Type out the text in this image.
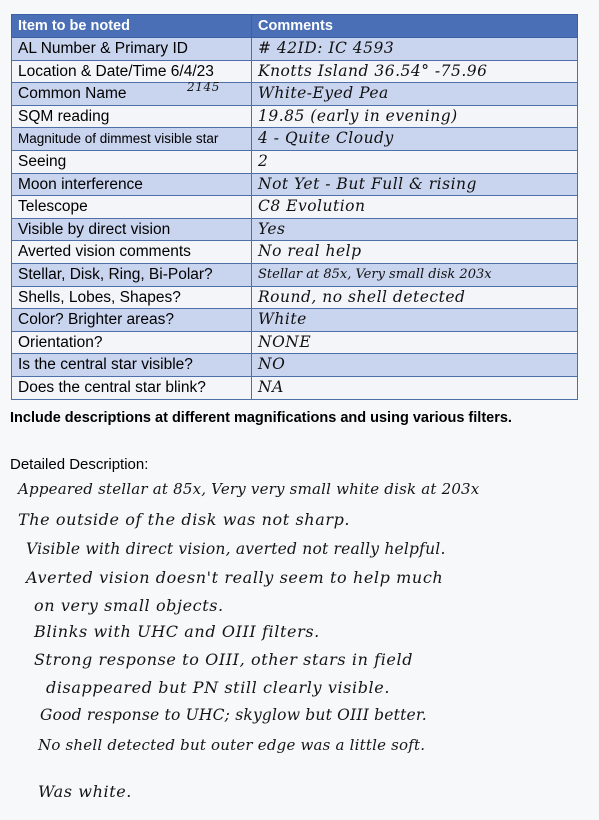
Item to be noted	Comments
AL Number & Primary ID	# 42ID: IC 4593
Location & Date/Time 6/4/23	Knotts Island 36.54° -75.96
Common Name	White-Eyed Pea
SQM reading	19.85 (early in evening)
Magnitude of dimmest visible star	4 - Quite Cloudy
Seeing	2
Moon interference	Not Yet - But Full & rising
Telescope	C8 Evolution
Visible by direct vision	Yes
Averted vision comments	No real help
Stellar, Disk, Ring, Bi-Polar?	Stellar at 85x, Very small disk 203x
Shells, Lobes, Shapes?	Round, no shell detected
Color? Brighter areas?	White
Orientation?	NONE
Is the central star visible?	NO
Does the central star blink?	NA
2145
Include descriptions at different magnifications and using various filters.
Detailed Description:
Appeared stellar at 85x, Very very small white disk at 203x
The outside of the disk was not sharp.
Visible with direct vision, averted not really helpful.
Averted vision doesn't really seem to help much
on very small objects.
Blinks with UHC and OIII filters.
Strong response to OIII, other stars in field
disappeared but PN still clearly visible.
Good response to UHC; skyglow but OIII better.
No shell detected but outer edge was a little soft.
Was white.
